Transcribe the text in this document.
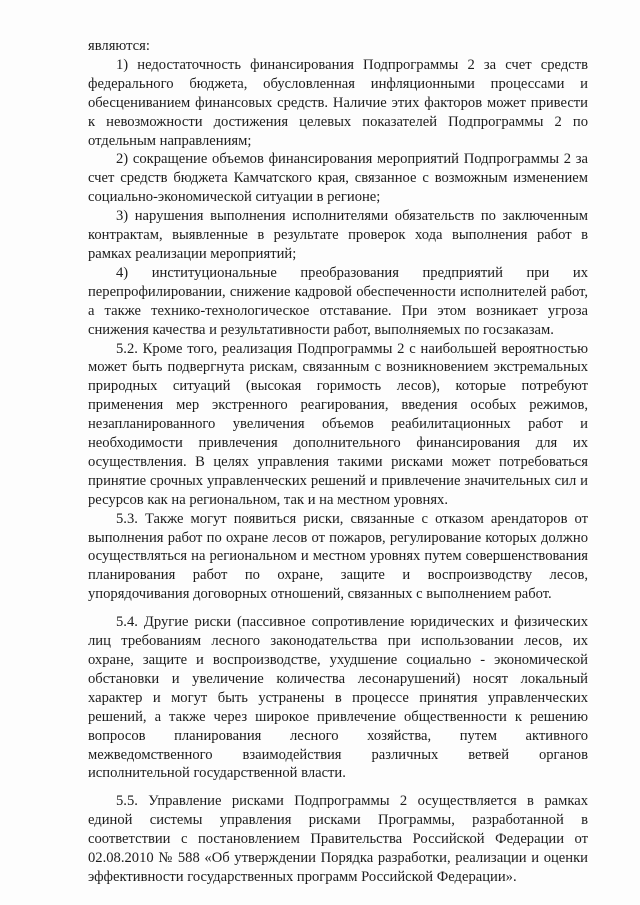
являются:

1) недостаточность финансирования Подпрограммы 2 за счет средств федерального бюджета, обусловленная инфляционными процессами и обесцениванием финансовых средств. Наличие этих факторов может привести к невозможности достижения целевых показателей Подпрограммы 2 по отдельным направлениям;

2) сокращение объемов финансирования мероприятий Подпрограммы 2 за счет средств бюджета Камчатского края, связанное с возможным изменением социально-экономической ситуации в регионе;

3) нарушения выполнения исполнителями обязательств по заключенным контрактам, выявленные в результате проверок хода выполнения работ в рамках реализации мероприятий;

4) институциональные преобразования предприятий при их перепрофилировании, снижение кадровой обеспеченности исполнителей работ, а также технико-технологическое отставание. При этом возникает угроза снижения качества и результативности работ, выполняемых по госзаказам.

5.2. Кроме того, реализация Подпрограммы 2 с наибольшей вероятностью может быть подвергнута рискам, связанным с возникновением экстремальных природных ситуаций (высокая горимость лесов), которые потребуют применения мер экстренного реагирования, введения особых режимов, незапланированного увеличения объемов реабилитационных работ и необходимости привлечения дополнительного финансирования для их осуществления. В целях управления такими рисками может потребоваться принятие срочных управленческих решений и привлечение значительных сил и ресурсов как на региональном, так и на местном уровнях.

5.3. Также могут появиться риски, связанные с отказом арендаторов от выполнения работ по охране лесов от пожаров, регулирование которых должно осуществляться на региональном и местном уровнях путем совершенствования планирования работ по охране, защите и воспроизводству лесов, упорядочивания договорных отношений, связанных с выполнением работ.

5.4. Другие риски (пассивное сопротивление юридических и физических лиц требованиям лесного законодательства при использовании лесов, их охране, защите и воспроизводстве, ухудшение социально - экономической обстановки и увеличение количества лесонарушений) носят локальный характер и могут быть устранены в процессе принятия управленческих решений, а также через широкое привлечение общественности к решению вопросов планирования лесного хозяйства, путем активного межведомственного взаимодействия различных ветвей органов исполнительной государственной власти.

5.5. Управление рисками Подпрограммы 2 осуществляется в рамках единой системы управления рисками Программы, разработанной в соответствии с постановлением Правительства Российской Федерации от 02.08.2010 № 588 «Об утверждении Порядка разработки, реализации и оценки эффективности государственных программ Российской Федерации».
